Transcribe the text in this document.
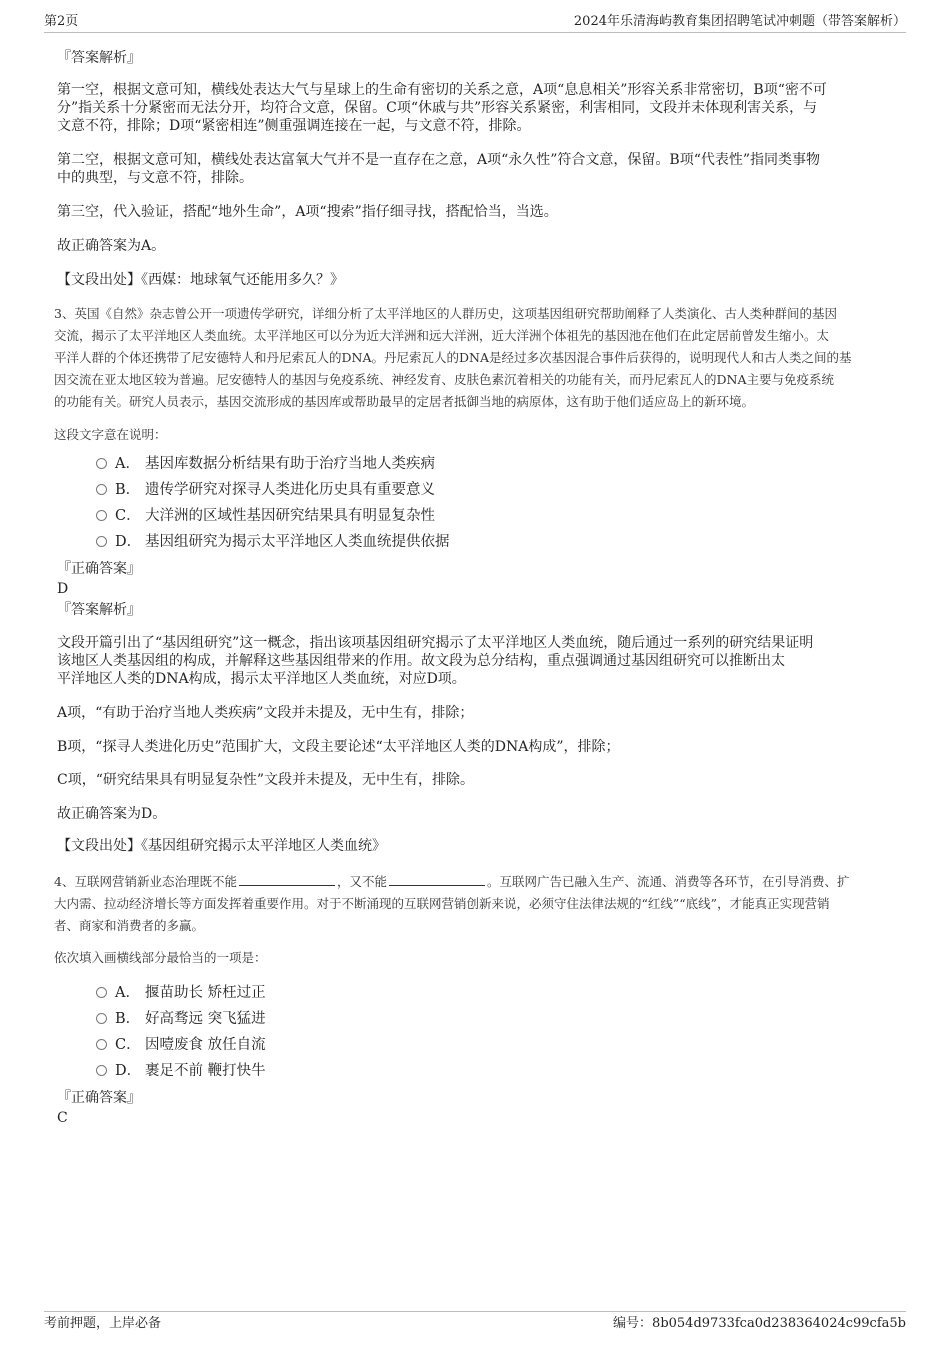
第2页	2024年乐清海屿教育集团招聘笔试冲刺题（带答案解析）
『答案解析』
第一空，根据文意可知，横线处表达大气与星球上的生命有密切的关系之意，A项“息息相关”形容关系非常密切，B项“密不可
分”指关系十分紧密而无法分开，均符合文意，保留。C项“休戚与共”形容关系紧密，利害相同，文段并未体现利害关系，与
文意不符，排除；D项“紧密相连”侧重强调连接在一起，与文意不符，排除。
第二空，根据文意可知，横线处表达富氧大气并不是一直存在之意，A项“永久性”符合文意，保留。B项“代表性”指同类事物
中的典型，与文意不符，排除。
第三空，代入验证，搭配“地外生命”，A项“搜索”指仔细寻找，搭配恰当，当选。
故正确答案为A。
【文段出处】《西媒：地球氧气还能用多久？》
3、英国《自然》杂志曾公开一项遗传学研究，详细分析了太平洋地区的人群历史，这项基因组研究帮助阐释了人类演化、古人类种群间的基因
交流，揭示了太平洋地区人类血统。太平洋地区可以分为近大洋洲和远大洋洲，近大洋洲个体祖先的基因池在他们在此定居前曾发生缩小。太
平洋人群的个体还携带了尼安德特人和丹尼索瓦人的DNA。丹尼索瓦人的DNA是经过多次基因混合事件后获得的，说明现代人和古人类之间的基
因交流在亚太地区较为普遍。尼安德特人的基因与免疫系统、神经发育、皮肤色素沉着相关的功能有关，而丹尼索瓦人的DNA主要与免疫系统
的功能有关。研究人员表示，基因交流形成的基因库或帮助最早的定居者抵御当地的病原体，这有助于他们适应岛上的新环境。
这段文字意在说明：
A． 基因库数据分析结果有助于治疗当地人类疾病
B． 遗传学研究对探寻人类进化历史具有重要意义
C． 大洋洲的区域性基因研究结果具有明显复杂性
D． 基因组研究为揭示太平洋地区人类血统提供依据
『正确答案』
D
『答案解析』
文段开篇引出了“基因组研究”这一概念，指出该项基因组研究揭示了太平洋地区人类血统，随后通过一系列的研究结果证明
该地区人类基因组的构成，并解释这些基因组带来的作用。故文段为总分结构，重点强调通过基因组研究可以推断出太
平洋地区人类的DNA构成，揭示太平洋地区人类血统，对应D项。
A项，“有助于治疗当地人类疾病”文段并未提及，无中生有，排除；
B项，“探寻人类进化历史”范围扩大，文段主要论述“太平洋地区人类的DNA构成”，排除；
C项，“研究结果具有明显复杂性”文段并未提及，无中生有，排除。
故正确答案为D。
【文段出处】《基因组研究揭示太平洋地区人类血统》
4、互联网营销新业态治理既不能	，又不能	。互联网广告已融入生产、流通、消费等各环节，在引导消费、扩
大内需、拉动经济增长等方面发挥着重要作用。对于不断涌现的互联网营销创新来说，必须守住法律法规的“红线”“底线”，才能真正实现营销
者、商家和消费者的多赢。
依次填入画横线部分最恰当的一项是：
A． 揠苗助长 矫枉过正
B． 好高骛远 突飞猛进
C． 因噎废食 放任自流
D． 裹足不前 鞭打快牛
『正确答案』
C
考前押题，上岸必备	编号：8b054d9733fca0d238364024c99cfa5b
